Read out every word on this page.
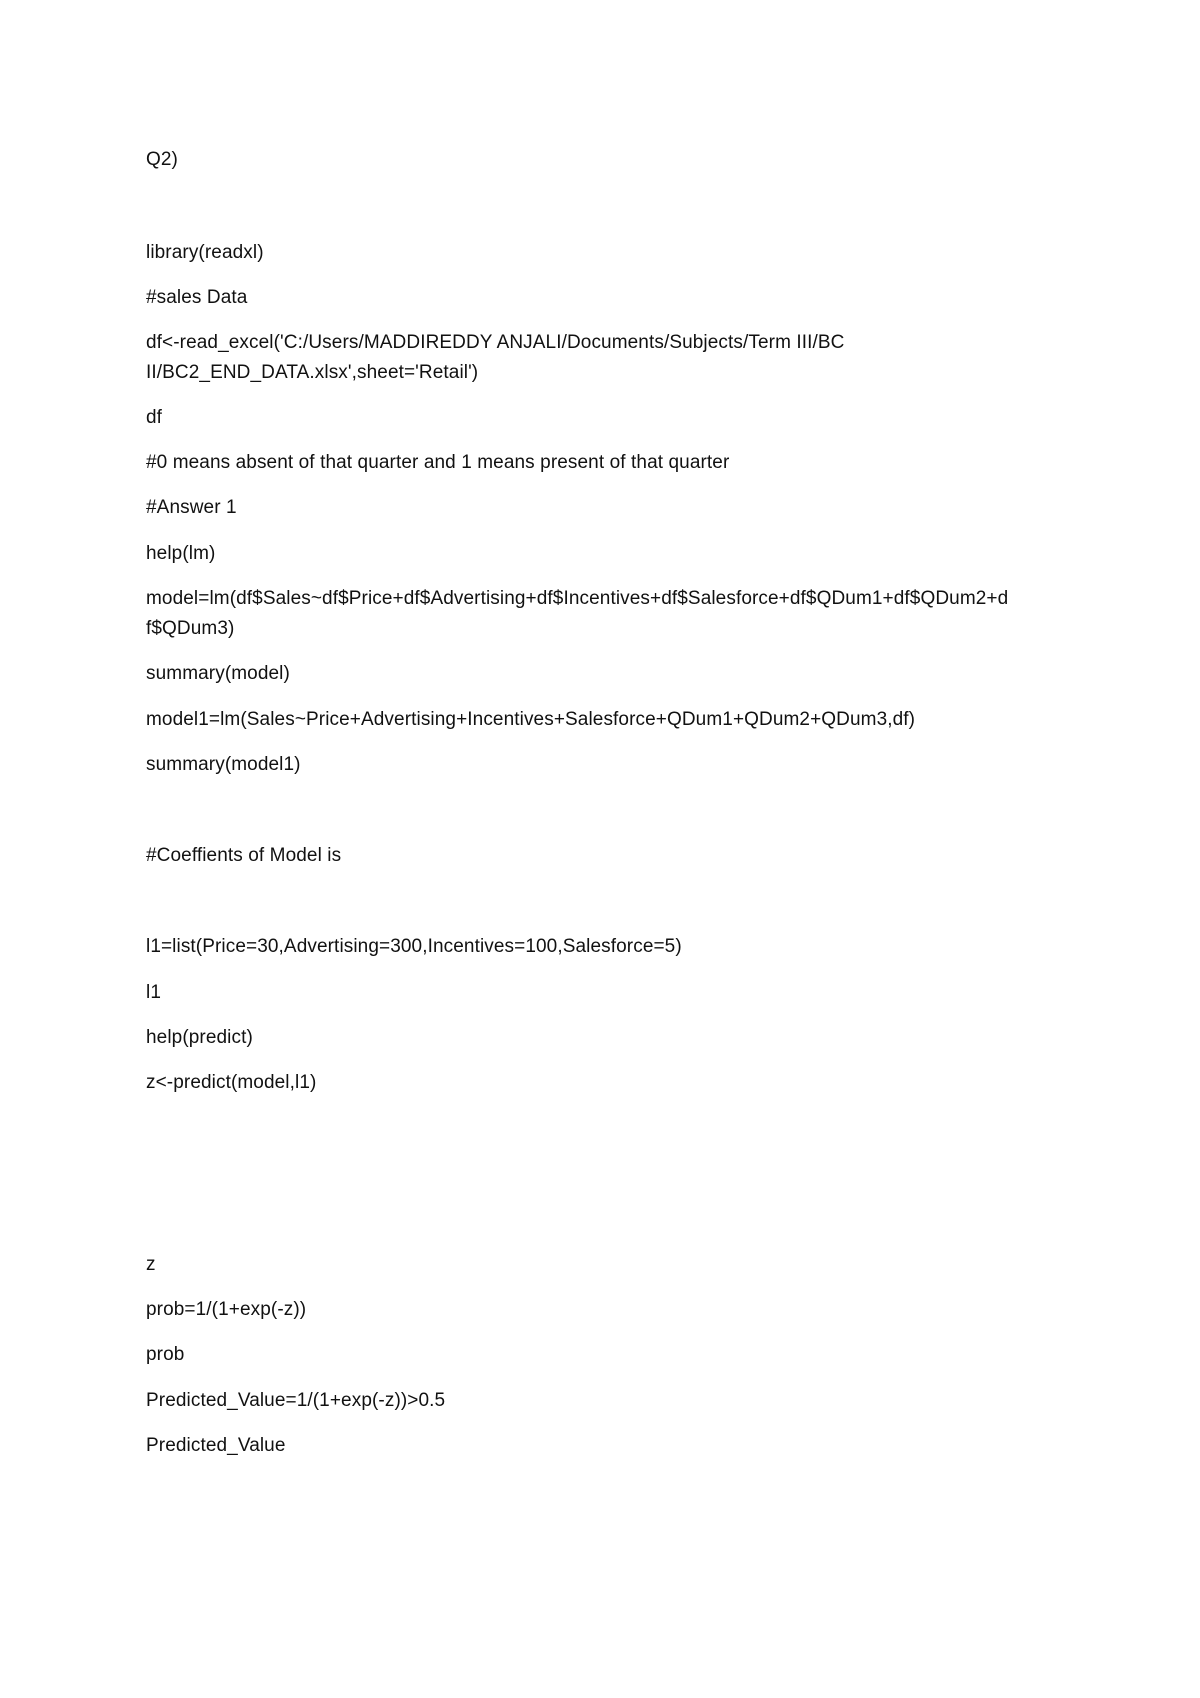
Q2)
library(readxl)
#sales Data
df<-read_excel('C:/Users/MADDIREDDY ANJALI/Documents/Subjects/Term III/BC
II/BC2_END_DATA.xlsx',sheet='Retail')
df
#0 means absent of that quarter and 1 means present of that quarter
#Answer 1
help(lm)
model=lm(df$Sales~df$Price+df$Advertising+df$Incentives+df$Salesforce+df$QDum1+df$QDum2+d
f$QDum3)
summary(model)
model1=lm(Sales~Price+Advertising+Incentives+Salesforce+QDum1+QDum2+QDum3,df)
summary(model1)
#Coeffients of Model is
l1=list(Price=30,Advertising=300,Incentives=100,Salesforce=5)
l1
help(predict)
z<-predict(model,l1)
z
prob=1/(1+exp(-z))
prob
Predicted_Value=1/(1+exp(-z))>0.5
Predicted_Value
